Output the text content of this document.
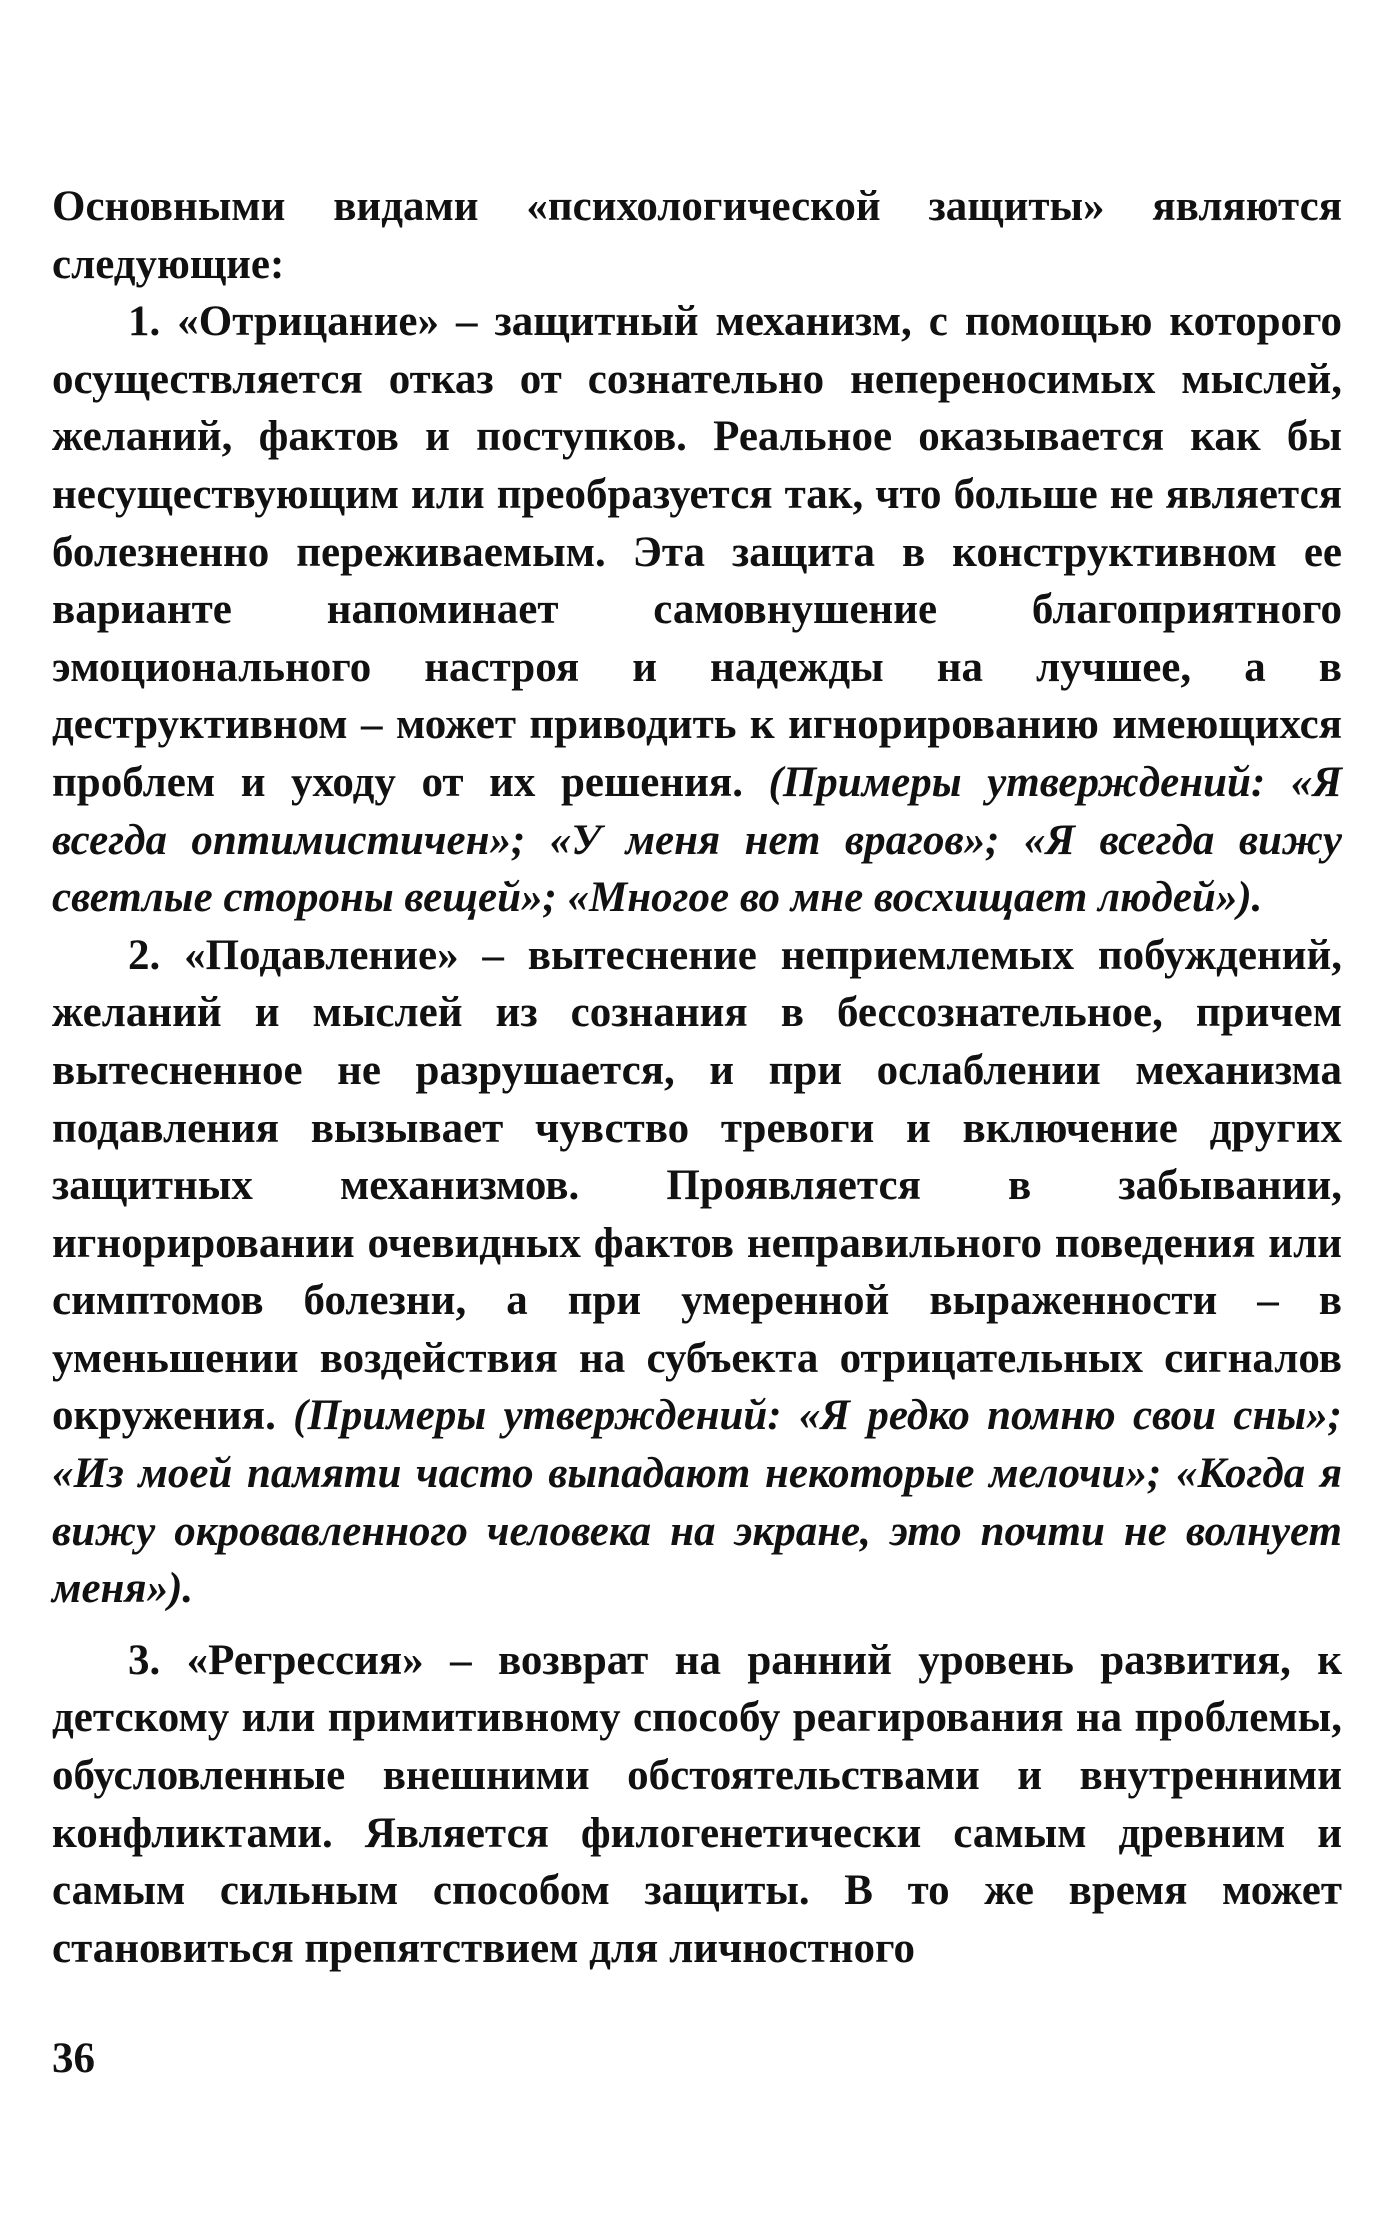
Основными видами «психологической защиты» являются следующие:

1. «Отрицание» – защитный механизм, с помощью которого осуществляется отказ от сознательно непереносимых мыслей, желаний, фактов и поступков. Реальное оказывается как бы несуществующим или преобразуется так, что больше не является болезненно переживаемым. Эта защита в конструктивном ее варианте напоминает самовнушение благоприятного эмоционального настроя и надежды на лучшее, а в деструктивном – может приводить к игнорированию имеющихся проблем и уходу от их решения. (Примеры утверждений: «Я всегда оптимистичен»; «У меня нет врагов»; «Я всегда вижу светлые стороны вещей»; «Многое во мне восхищает людей»).

2. «Подавление» – вытеснение неприемлемых побуждений, желаний и мыслей из сознания в бессознательное, причем вытесненное не разрушается, и при ослаблении механизма подавления вызывает чувство тревоги и включение других защитных механизмов. Проявляется в забывании, игнорировании очевидных фактов неправильного поведения или симптомов болезни, а при умеренной выраженности – в уменьшении воздействия на субъекта отрицательных сигналов окружения. (Примеры утверждений: «Я редко помню свои сны»; «Из моей памяти часто выпадают некоторые мелочи»; «Когда я вижу окровавленного человека на экране, это почти не волнует меня»).

3. «Регрессия» – возврат на ранний уровень развития, к детскому или примитивному способу реагирования на проблемы, обусловленные внешними обстоятельствами и внутренними конфликтами. Является филогенетически самым древним и самым сильным способом защиты. В то же время может становиться препятствием для личностного

36
